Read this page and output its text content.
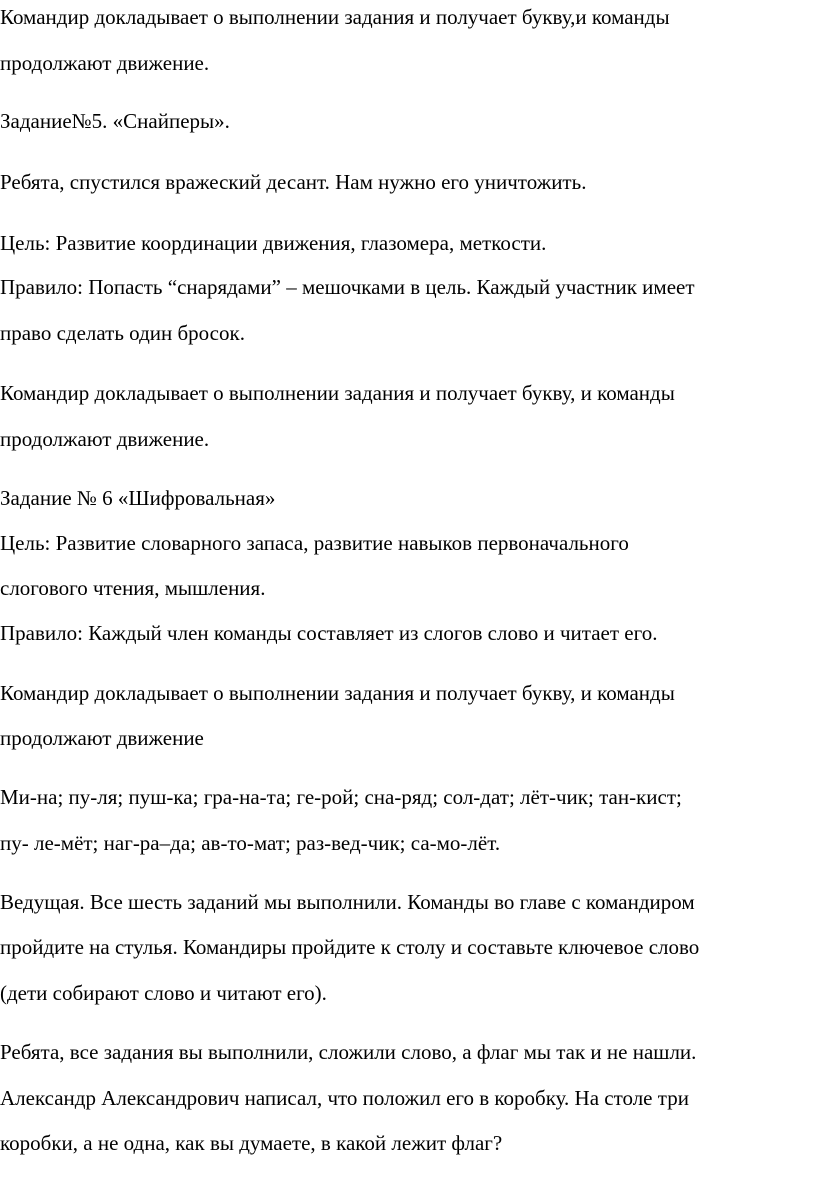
Командир докладывает о выполнении задания и получает букву,и команды
продолжают движение.
Задание№5. «Снайперы».
Ребята, спустился вражеский десант. Нам нужно его уничтожить.
Цель: Развитие координации движения, глазомера, меткости.
Правило: Попасть “снарядами” – мешочками в цель. Каждый участник имеет
право сделать один бросок.
Командир докладывает о выполнении задания и получает букву, и команды
продолжают движение.
Задание № 6 «Шифровальная»
Цель: Развитие словарного запаса, развитие навыков первоначального
слогового чтения, мышления.
Правило: Каждый член команды составляет из слогов слово и читает его.
Командир докладывает о выполнении задания и получает букву, и команды
продолжают движение
Ми-на; пу-ля; пуш-ка; гра-на-та; ге-рой; сна-ряд; сол-дат; лёт-чик; тан-кист;
пу- ле-мёт; наг-ра–да; ав-то-мат; раз-вед-чик; са-мо-лёт.
Ведущая. Все шесть заданий мы выполнили. Команды во главе с командиром
пройдите на стулья. Командиры пройдите к столу и составьте ключевое слово
(дети собирают слово и читают его).
Ребята, все задания вы выполнили, сложили слово, а флаг мы так и не нашли.
Александр Александрович написал, что положил его в коробку. На столе три
коробки, а не одна, как вы думаете, в какой лежит флаг?
